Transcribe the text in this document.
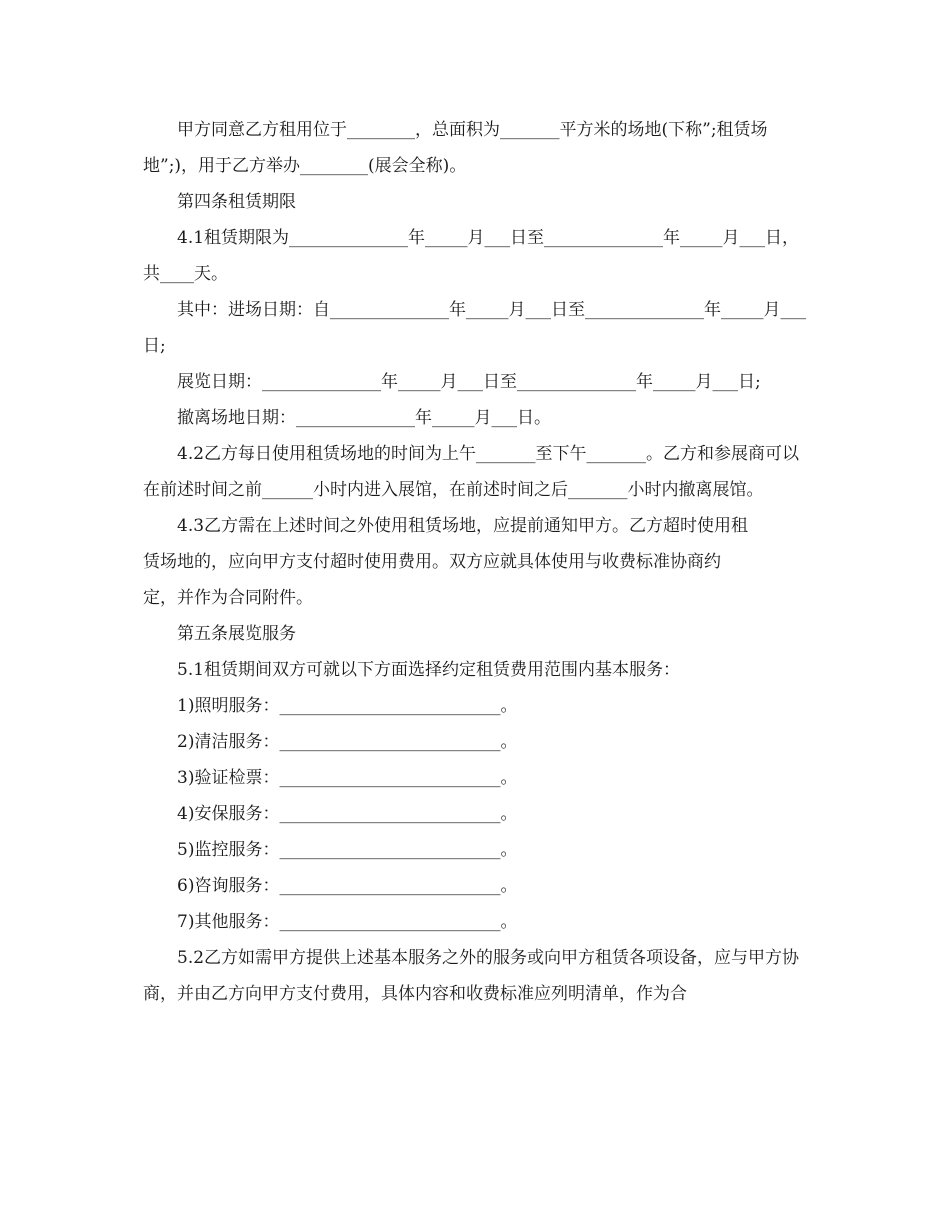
甲方同意乙方租用位于________，总面积为_______平方米的场地(下称”;租赁场地”;)，用于乙方举办________(展会全称)。

第四条租赁期限

4.1租赁期限为______________年_____月___日至______________年_____月___日，共____天。

其中：进场日期：自______________年_____月___日至______________年_____月___日;

展览日期：______________年_____月___日至______________年_____月___日;

撤离场地日期：______________年_____月___日。

4.2乙方每日使用租赁场地的时间为上午_______至下午_______。乙方和参展商可以在前述时间之前______小时内进入展馆，在前述时间之后_______小时内撤离展馆。

4.3乙方需在上述时间之外使用租赁场地，应提前通知甲方。乙方超时使用租

赁场地的，应向甲方支付超时使用费用。双方应就具体使用与收费标准协商约

定，并作为合同附件。

第五条展览服务

5.1租赁期间双方可就以下方面选择约定租赁费用范围内基本服务：

1)照明服务：__________________________。

2)清洁服务：__________________________。

3)验证检票：__________________________。

4)安保服务：__________________________。

5)监控服务：__________________________。

6)咨询服务：__________________________。

7)其他服务：__________________________。

5.2乙方如需甲方提供上述基本服务之外的服务或向甲方租赁各项设备，应与甲方协商，并由乙方向甲方支付费用，具体内容和收费标准应列明清单，作为合
